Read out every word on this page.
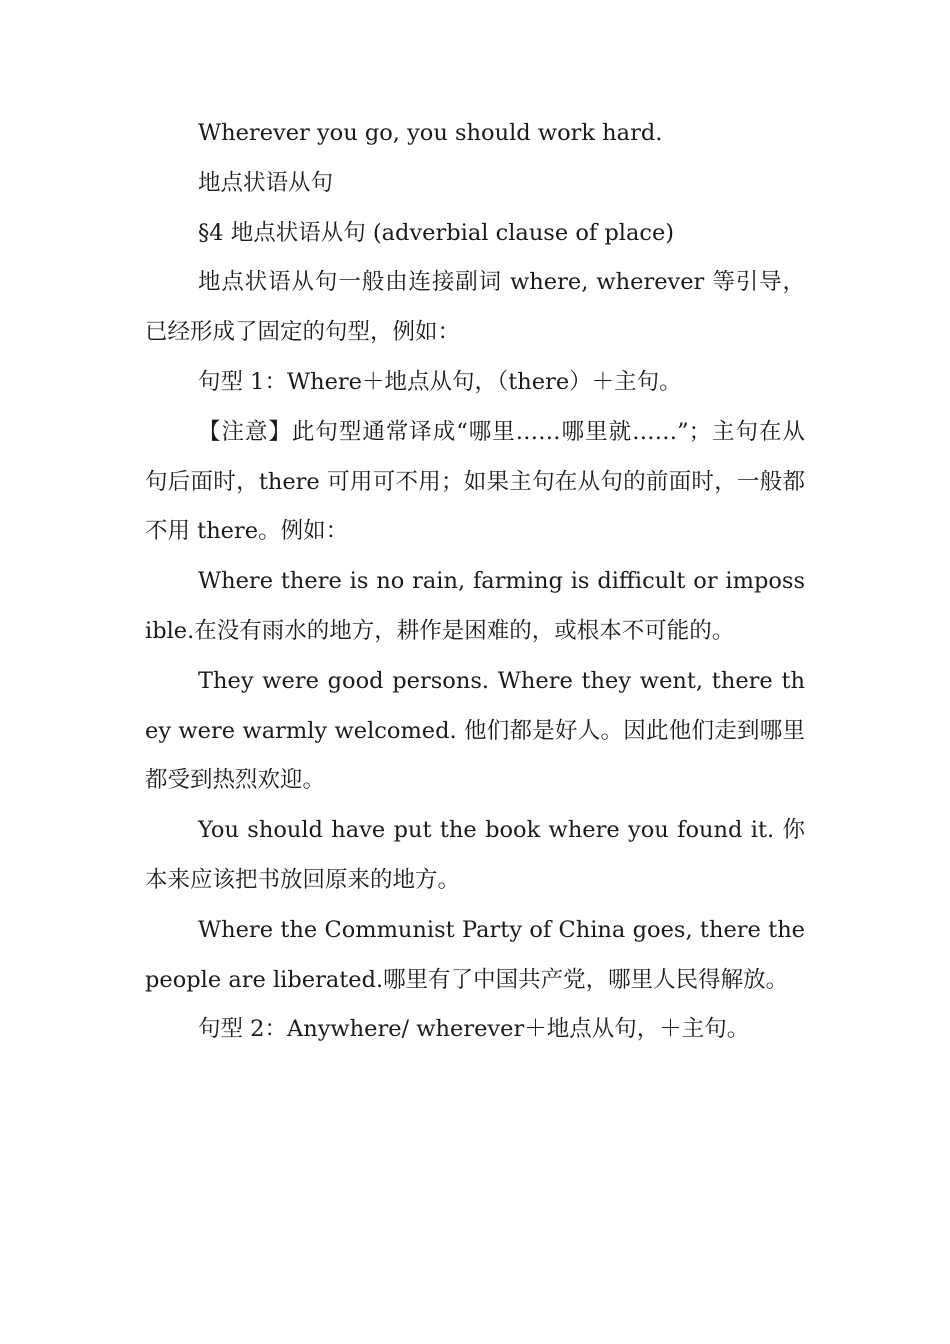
Wherever you go, you should work hard.

地点状语从句

§4 地点状语从句 (adverbial clause of place)

地点状语从句一般由连接副词 where, wherever 等引导，已经形成了固定的句型，例如：

句型 1：Where＋地点从句，（there）＋主句。

【注意】此句型通常译成“哪里……哪里就……”；主句在从句后面时，there 可用可不用；如果主句在从句的前面时，一般都不用 there。例如：

Where there is no rain, farming is difficult or impossible.在没有雨水的地方，耕作是困难的，或根本不可能的。

They were good persons. Where they went, there they were warmly welcomed. 他们都是好人。因此他们走到哪里都受到热烈欢迎。

You should have put the book where you found it. 你本来应该把书放回原来的地方。

Where the Communist Party of China goes, there the people are liberated.哪里有了中国共产党，哪里人民得解放。

句型 2：Anywhere/ wherever＋地点从句，＋主句。
